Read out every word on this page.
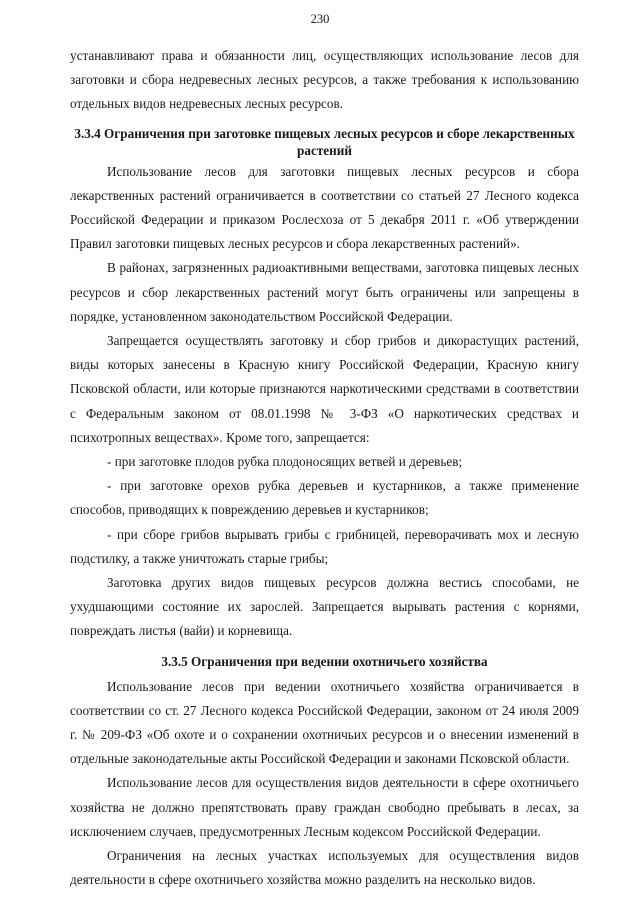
230

устанавливают права и обязанности лиц, осуществляющих использование лесов для заготовки и сбора недревесных лесных ресурсов, а также требования к использованию отдельных видов недревесных лесных ресурсов.

3.3.4 Ограничения при заготовке пищевых лесных ресурсов и сборе лекарственных растений

Использование лесов для заготовки пищевых лесных ресурсов и сбора лекарственных растений ограничивается в соответствии со статьей 27 Лесного кодекса Российской Федерации и приказом Рослесхоза от 5 декабря 2011 г. «Об утверждении Правил заготовки пищевых лесных ресурсов и сбора лекарственных растений».

В районах, загрязненных радиоактивными веществами, заготовка пищевых лесных ресурсов и сбор лекарственных растений могут быть ограничены или запрещены в порядке, установленном законодательством Российской Федерации.

Запрещается осуществлять заготовку и сбор грибов и дикорастущих растений, виды которых занесены в Красную книгу Российской Федерации, Красную книгу Псковской области, или которые признаются наркотическими средствами в соответствии с Федеральным законом от 08.01.1998 № 3-ФЗ «О наркотических средствах и психотропных веществах». Кроме того, запрещается:

- при заготовке плодов рубка плодоносящих ветвей и деревьев;

- при заготовке орехов рубка деревьев и кустарников, а также применение способов, приводящих к повреждению деревьев и кустарников;

- при сборе грибов вырывать грибы с грибницей, переворачивать мох и лесную подстилку, а также уничтожать старые грибы;

Заготовка других видов пищевых ресурсов должна вестись способами, не ухудшающими состояние их зарослей. Запрещается вырывать растения с корнями, повреждать листья (вайи) и корневища.

3.3.5 Ограничения при ведении охотничьего хозяйства

Использование лесов при ведении охотничьего хозяйства ограничивается в соответствии со ст. 27 Лесного кодекса Российской Федерации, законом от 24 июля 2009 г. № 209-ФЗ «Об охоте и о сохранении охотничьих ресурсов и о внесении изменений в отдельные законодательные акты Российской Федерации и законами Псковской области.

Использование лесов для осуществления видов деятельности в сфере охотничьего хозяйства не должно препятствовать праву граждан свободно пребывать в лесах, за исключением случаев, предусмотренных Лесным кодексом Российской Федерации.

Ограничения на лесных участках используемых для осуществления видов деятельности в сфере охотничьего хозяйства можно разделить на несколько видов.
